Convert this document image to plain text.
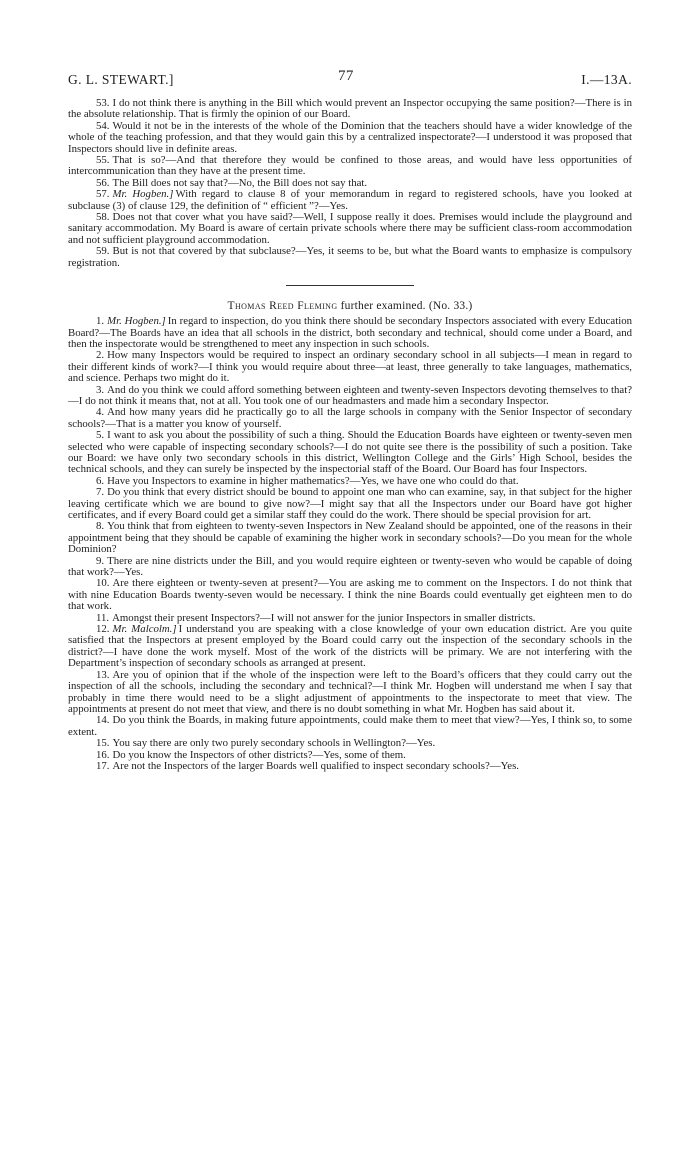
G. L. STEWART.]	77	I.—13A.

53. I do not think there is anything in the Bill which would prevent an Inspector occupying the same position?—There is in the absolute relationship. That is firmly the opinion of our Board.

54. Would it not be in the interests of the whole of the Dominion that the teachers should have a wider knowledge of the whole of the teaching profession, and that they would gain this by a centralized inspectorate?—I understood it was proposed that Inspectors should live in definite areas.

55. That is so?—And that therefore they would be confined to those areas, and would have less opportunities of intercommunication than they have at the present time.

56. The Bill does not say that?—No, the Bill does not say that.

57. Mr. Hogben.] With regard to clause 8 of your memorandum in regard to registered schools, have you looked at subclause (3) of clause 129, the definition of “ efficient ”?—Yes.

58. Does not that cover what you have said?—Well, I suppose really it does. Premises would include the playground and sanitary accommodation. My Board is aware of certain private schools where there may be sufficient class-room accommodation and not sufficient playground accommodation.

59. But is not that covered by that subclause?—Yes, it seems to be, but what the Board wants to emphasize is compulsory registration.

Thomas Reed Fleming further examined. (No. 33.)

1. Mr. Hogben.] In regard to inspection, do you think there should be secondary Inspectors associated with every Education Board?—The Boards have an idea that all schools in the district, both secondary and technical, should come under a Board, and then the inspectorate would be strengthened to meet any inspection in such schools.

2. How many Inspectors would be required to inspect an ordinary secondary school in all subjects—I mean in regard to their different kinds of work?—I think you would require about three—at least, three generally to take languages, mathematics, and science. Perhaps two might do it.

3. And do you think we could afford something between eighteen and twenty-seven Inspectors devoting themselves to that?—I do not think it means that, not at all. You took one of our headmasters and made him a secondary Inspector.

4. And how many years did he practically go to all the large schools in company with the Senior Inspector of secondary schools?—That is a matter you know of yourself.

5. I want to ask you about the possibility of such a thing. Should the Education Boards have eighteen or twenty-seven men selected who were capable of inspecting secondary schools?—I do not quite see there is the possibility of such a position. Take our Board: we have only two secondary schools in this district, Wellington College and the Girls’ High School, besides the technical schools, and they can surely be inspected by the inspectorial staff of the Board. Our Board has four Inspectors.

6. Have you Inspectors to examine in higher mathematics?—Yes, we have one who could do that.

7. Do you think that every district should be bound to appoint one man who can examine, say, in that subject for the higher leaving certificate which we are bound to give now?—I might say that all the Inspectors under our Board have got higher certificates, and if every Board could get a similar staff they could do the work. There should be special provision for art.

8. You think that from eighteen to twenty-seven Inspectors in New Zealand should be appointed, one of the reasons in their appointment being that they should be capable of examining the higher work in secondary schools?—Do you mean for the whole Dominion?

9. There are nine districts under the Bill, and you would require eighteen or twenty-seven who would be capable of doing that work?—Yes.

10. Are there eighteen or twenty-seven at present?—You are asking me to comment on the Inspectors. I do not think that with nine Education Boards twenty-seven would be necessary. I think the nine Boards could eventually get eighteen men to do that work.

11. Amongst their present Inspectors?—I will not answer for the junior Inspectors in smaller districts.

12. Mr. Malcolm.] I understand you are speaking with a close knowledge of your own education district. Are you quite satisfied that the Inspectors at present employed by the Board could carry out the inspection of the secondary schools in the district?—I have done the work myself. Most of the work of the districts will be primary. We are not interfering with the Department’s inspection of secondary schools as arranged at present.

13. Are you of opinion that if the whole of the inspection were left to the Board’s officers that they could carry out the inspection of all the schools, including the secondary and technical?—I think Mr. Hogben will understand me when I say that probably in time there would need to be a slight adjustment of appointments to the inspectorate to meet that view. The appointments at present do not meet that view, and there is no doubt something in what Mr. Hogben has said about it.

14. Do you think the Boards, in making future appointments, could make them to meet that view?—Yes, I think so, to some extent.

15. You say there are only two purely secondary schools in Wellington?—Yes.

16. Do you know the Inspectors of other districts?—Yes, some of them.

17. Are not the Inspectors of the larger Boards well qualified to inspect secondary schools?—Yes.
